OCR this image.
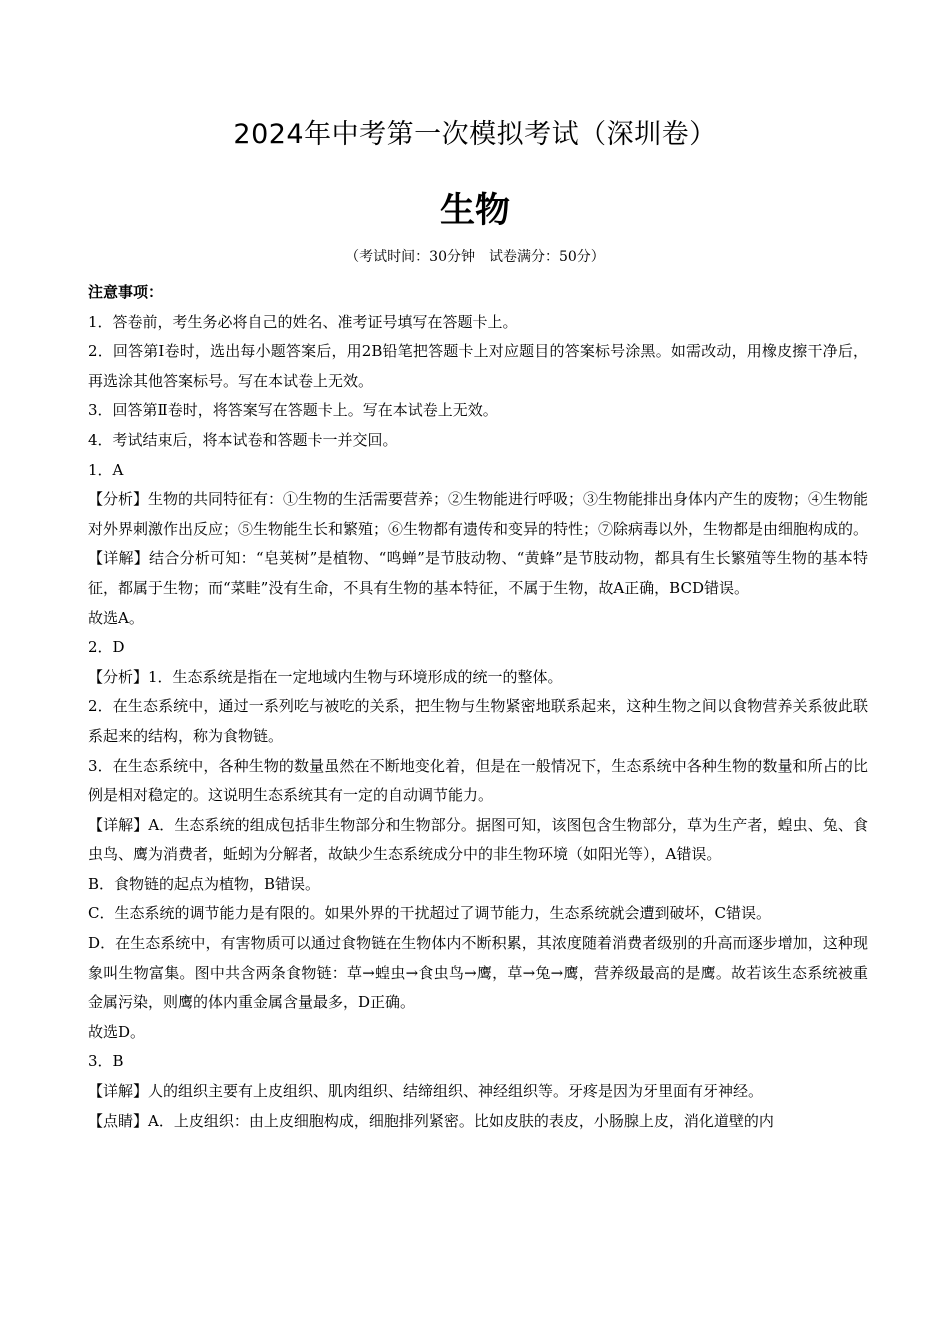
2024年中考第一次模拟考试（深圳卷）
生物
（考试时间：30分钟　试卷满分：50分）

注意事项：

1．答卷前，考生务必将自己的姓名、准考证号填写在答题卡上。

2．回答第Ⅰ卷时，选出每小题答案后，用2B铅笔把答题卡上对应题目的答案标号涂黑。如需改动，用橡皮擦干净后，再选涂其他答案标号。写在本试卷上无效。

3．回答第Ⅱ卷时，将答案写在答题卡上。写在本试卷上无效。

4．考试结束后，将本试卷和答题卡一并交回。

1．A

【分析】生物的共同特征有：①生物的生活需要营养；②生物能进行呼吸；③生物能排出身体内产生的废物；④生物能对外界刺激作出反应；⑤生物能生长和繁殖；⑥生物都有遗传和变异的特性；⑦除病毒以外，生物都是由细胞构成的。

【详解】结合分析可知：“皂荚树”是植物、“鸣蝉”是节肢动物、“黄蜂”是节肢动物，都具有生长繁殖等生物的基本特征，都属于生物；而“菜畦”没有生命，不具有生物的基本特征，不属于生物，故A正确，BCD错误。

故选A。

2．D

【分析】1．生态系统是指在一定地域内生物与环境形成的统一的整体。

2．在生态系统中，通过一系列吃与被吃的关系，把生物与生物紧密地联系起来，这种生物之间以食物营养关系彼此联系起来的结构，称为食物链。

3．在生态系统中，各种生物的数量虽然在不断地变化着，但是在一般情况下，生态系统中各种生物的数量和所占的比例是相对稳定的。这说明生态系统其有一定的自动调节能力。

【详解】A．生态系统的组成包括非生物部分和生物部分。据图可知，该图包含生物部分，草为生产者，蝗虫、兔、食虫鸟、鹰为消费者，蚯蚓为分解者，故缺少生态系统成分中的非生物环境（如阳光等），A错误。

B．食物链的起点为植物，B错误。

C．生态系统的调节能力是有限的。如果外界的干扰超过了调节能力，生态系统就会遭到破坏，C错误。

D．在生态系统中，有害物质可以通过食物链在生物体内不断积累，其浓度随着消费者级别的升高而逐步增加，这种现象叫生物富集。图中共含两条食物链：草→蝗虫→食虫鸟→鹰，草→兔→鹰，营养级最高的是鹰。故若该生态系统被重金属污染，则鹰的体内重金属含量最多，D正确。

故选D。

3．B

【详解】人的组织主要有上皮组织、肌肉组织、结缔组织、神经组织等。牙疼是因为牙里面有牙神经。

【点睛】A．上皮组织：由上皮细胞构成，细胞排列紧密。比如皮肤的表皮，小肠腺上皮，消化道壁的内
